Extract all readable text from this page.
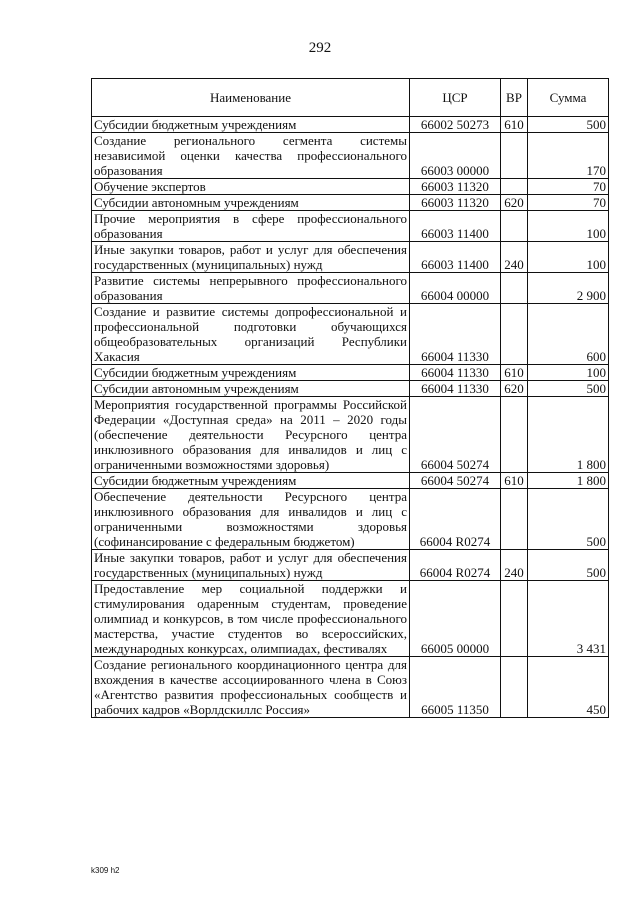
292
Наименование	ЦСР	ВР	Сумма
Субсидии бюджетным учреждениям	66002 50273	610	500
Создание регионального сегмента системы независимой оценки качества профессионального образования	66003 00000		170
Обучение экспертов	66003 11320		70
Субсидии автономным учреждениям	66003 11320	620	70
Прочие мероприятия в сфере профессионального образования	66003 11400		100
Иные закупки товаров, работ и услуг для обеспечения государственных (муниципальных) нужд	66003 11400	240	100
Развитие системы непрерывного профессионального образования	66004 00000		2 900
Создание и развитие системы допрофессиональной и профессиональной подготовки обучающихся общеобразовательных организаций Республики Хакасия	66004 11330		600
Субсидии бюджетным учреждениям	66004 11330	610	100
Субсидии автономным учреждениям	66004 11330	620	500
Мероприятия государственной программы Российской Федерации «Доступная среда» на 2011 – 2020 годы (обеспечение деятельности Ресурсного центра инклюзивного образования для инвалидов и лиц с ограниченными возможностями здоровья)	66004 50274		1 800
Субсидии бюджетным учреждениям	66004 50274	610	1 800
Обеспечение деятельности Ресурсного центра инклюзивного образования для инвалидов и лиц с ограниченными возможностями здоровья (софинансирование с федеральным бюджетом)	66004 R0274		500
Иные закупки товаров, работ и услуг для обеспечения государственных (муниципальных) нужд	66004 R0274	240	500
Предоставление мер социальной поддержки и стимулирования одаренным студентам, проведение олимпиад и конкурсов, в том числе профессионального мастерства, участие студентов во всероссийских, международных конкурсах, олимпиадах, фестивалях	66005 00000		3 431
Создание регионального координационного центра для вхождения в качестве ассоциированного члена в Союз «Агентство развития профессиональных сообществ и рабочих кадров «Ворлдскиллс Россия»	66005 11350		450
k309 h2
